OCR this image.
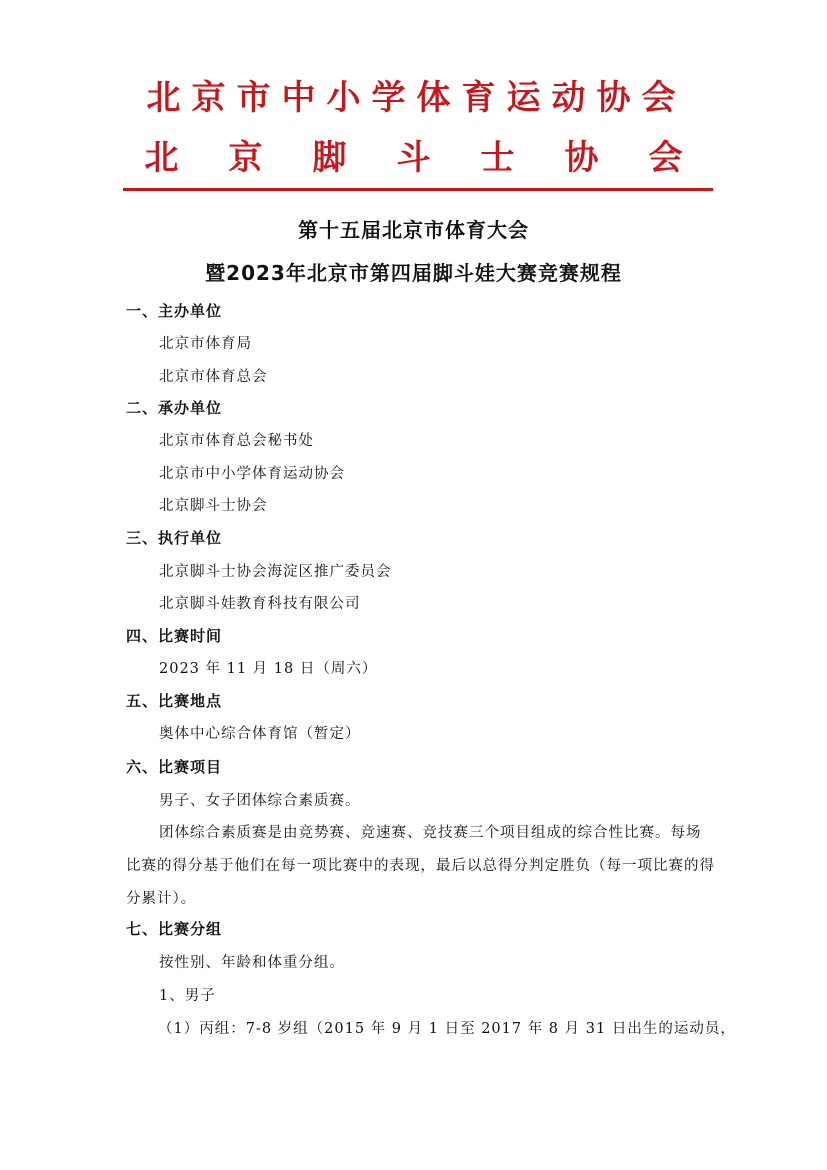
北京市中小学体育运动协会
北 京 脚 斗 士 协 会
第十五届北京市体育大会
暨2023年北京市第四届脚斗娃大赛竞赛规程
一、主办单位
北京市体育局
北京市体育总会
二、承办单位
北京市体育总会秘书处
北京市中小学体育运动协会
北京脚斗士协会
三、执行单位
北京脚斗士协会海淀区推广委员会
北京脚斗娃教育科技有限公司
四、比赛时间
2023 年 11 月 18 日（周六）
五、比赛地点
奥体中心综合体育馆（暂定）
六、比赛项目
男子、女子团体综合素质赛。
团体综合素质赛是由竞势赛、竞速赛、竞技赛三个项目组成的综合性比赛。每场比赛的得分基于他们在每一项比赛中的表现，最后以总得分判定胜负（每一项比赛的得分累计）。
七、比赛分组
按性别、年龄和体重分组。
1、男子
（1）丙组：7-8 岁组（2015 年 9 月 1 日至 2017 年 8 月 31 日出生的运动员，
